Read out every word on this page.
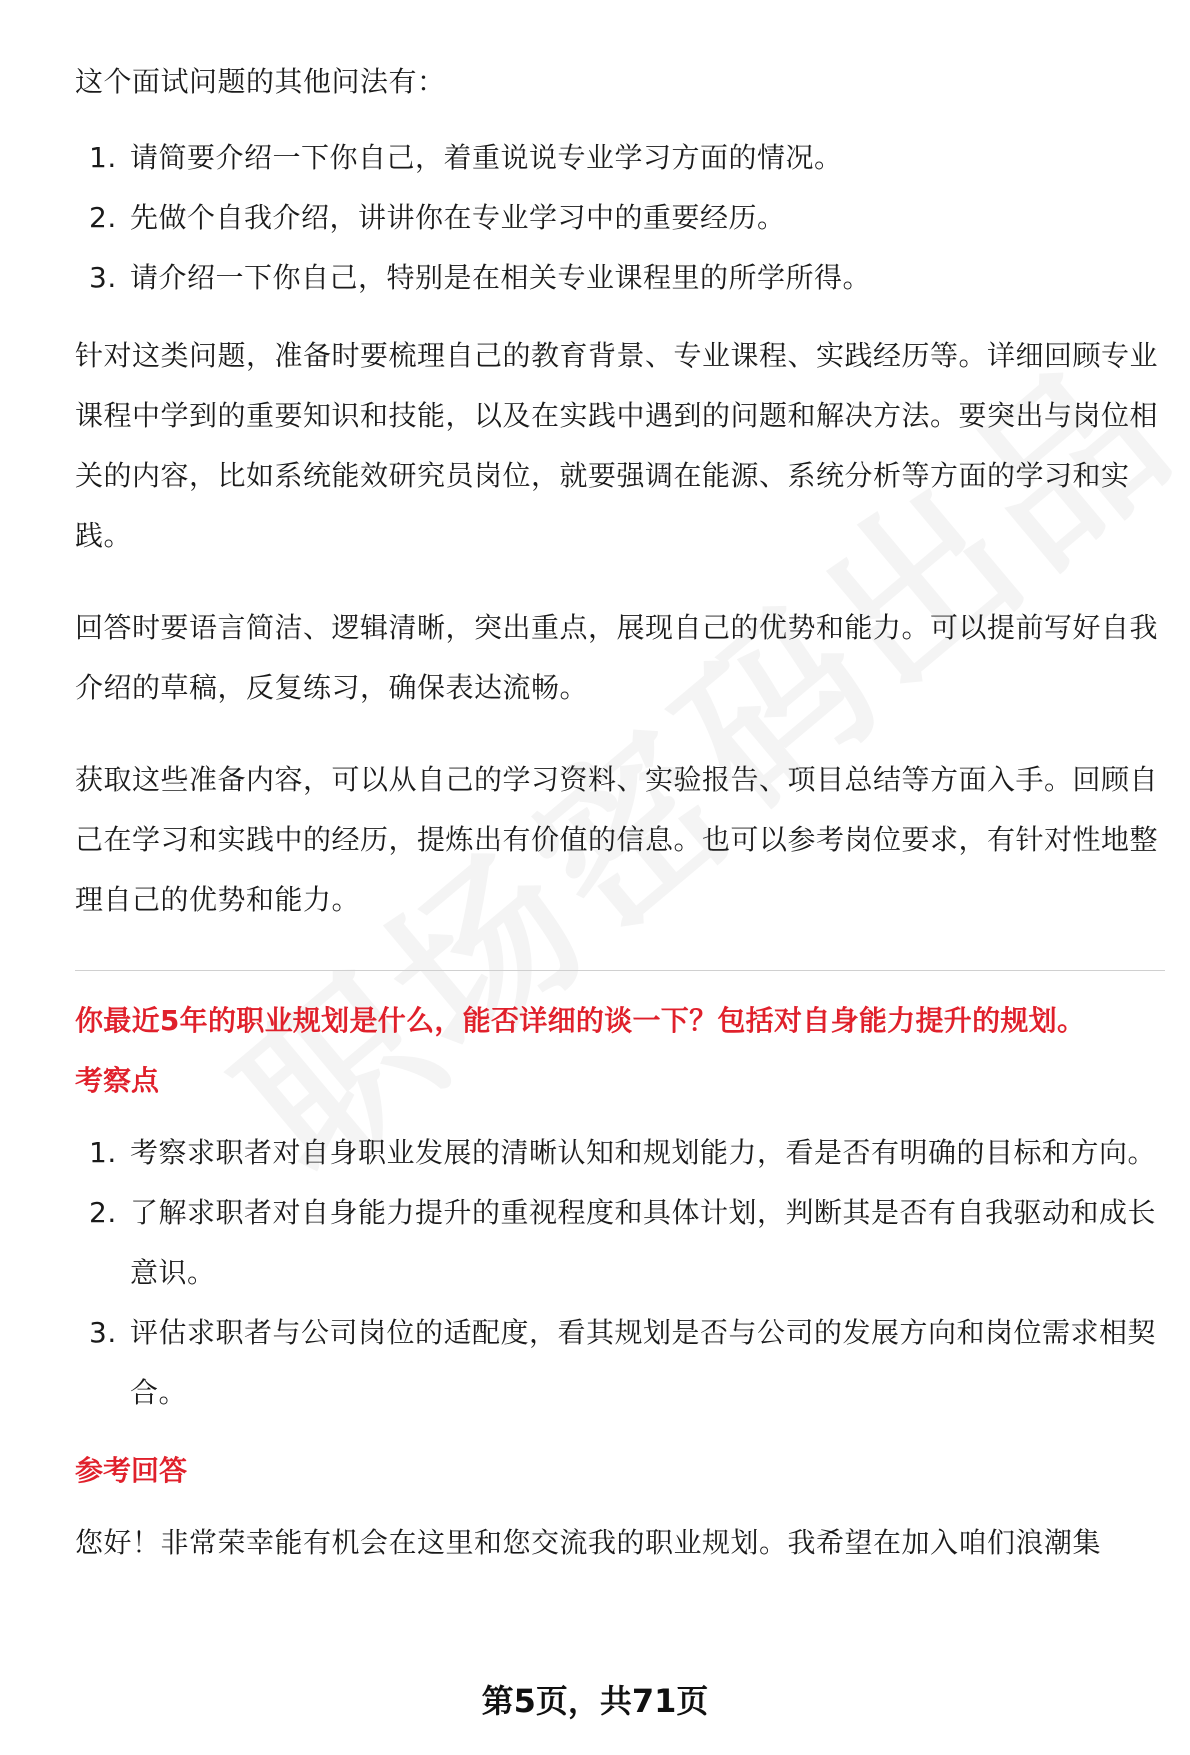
这个面试问题的其他问法有：

1. 请简要介绍一下你自己，着重说说专业学习方面的情况。
2. 先做个自我介绍，讲讲你在专业学习中的重要经历。
3. 请介绍一下你自己，特别是在相关专业课程里的所学所得。

针对这类问题，准备时要梳理自己的教育背景、专业课程、实践经历等。详细回顾专业课程中学到的重要知识和技能，以及在实践中遇到的问题和解决方法。要突出与岗位相关的内容，比如系统能效研究员岗位，就要强调在能源、系统分析等方面的学习和实践。

回答时要语言简洁、逻辑清晰，突出重点，展现自己的优势和能力。可以提前写好自我介绍的草稿，反复练习，确保表达流畅。

获取这些准备内容，可以从自己的学习资料、实验报告、项目总结等方面入手。回顾自己在学习和实践中的经历，提炼出有价值的信息。也可以参考岗位要求，有针对性地整理自己的优势和能力。

你最近5年的职业规划是什么，能否详细的谈一下？包括对自身能力提升的规划。

考察点

1. 考察求职者对自身职业发展的清晰认知和规划能力，看是否有明确的目标和方向。
2. 了解求职者对自身能力提升的重视程度和具体计划，判断其是否有自我驱动和成长意识。
3. 评估求职者与公司岗位的适配度，看其规划是否与公司的发展方向和岗位需求相契合。

参考回答

您好！非常荣幸能有机会在这里和您交流我的职业规划。我希望在加入咱们浪潮集

第5页，共71页
